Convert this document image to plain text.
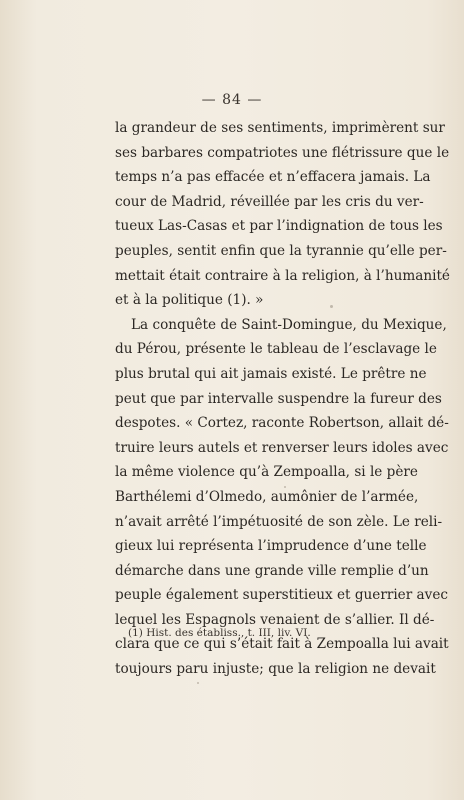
— 84 —
la grandeur de ses sentiments, imprimèrent sur
ses barbares compatriotes une flétrissure que le
temps n’a pas effacée et n’effacera jamais. La
cour de Madrid, réveillée par les cris du ver-
tueux Las-Casas et par l’indignation de tous les
peuples, sentit enfin que la tyrannie qu’elle per-
mettait était contraire à la religion, à l’humanité
et à la politique (1). »
La conquête de Saint-Domingue, du Mexique,
du Pérou, présente le tableau de l’esclavage le
plus brutal qui ait jamais existé. Le prêtre ne
peut que par intervalle suspendre la fureur des
despotes. « Cortez, raconte Robertson, allait dé-
truire leurs autels et renverser leurs idoles avec
la même violence qu’à Zempoalla, si le père
Barthélemi d’Olmedo, aumônier de l’armée,
n’avait arrêté l’impétuosité de son zèle. Le reli-
gieux lui représenta l’imprudence d’une telle
démarche dans une grande ville remplie d’un
peuple également superstitieux et guerrier avec
lequel les Espagnols venaient de s’allier. Il dé-
clara que ce qui s’était fait à Zempoalla lui avait
toujours paru injuste; que la religion ne devait
(1) Hist. des établiss., t. III, liv. VI.
